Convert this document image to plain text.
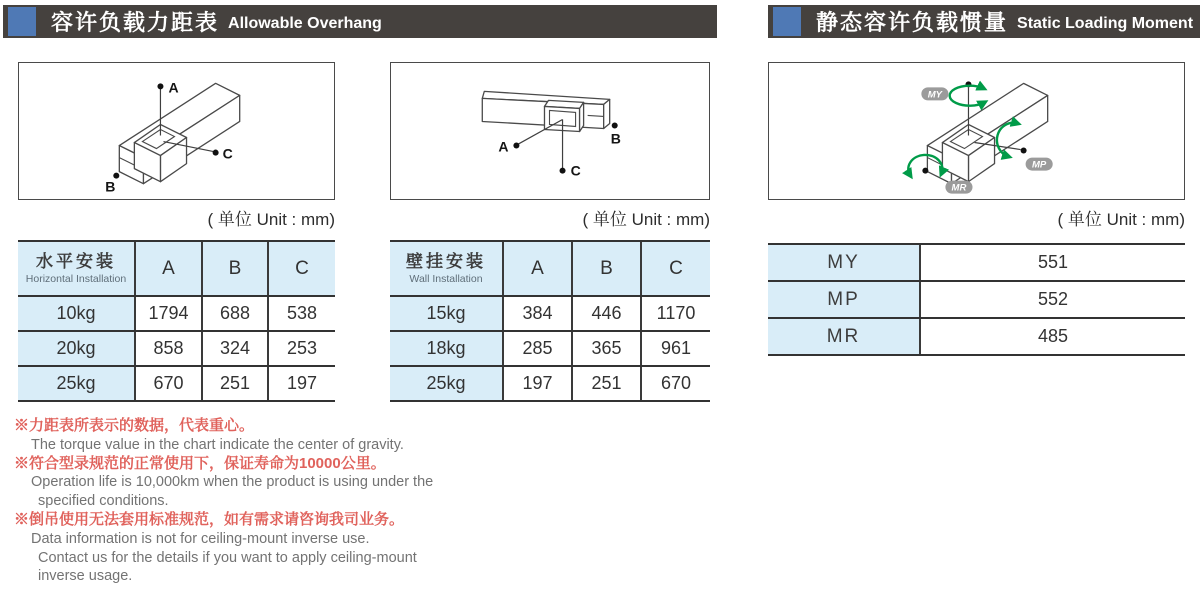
容许负载力距表 Allowable Overhang
A
C
B
( 单位 Unit : mm)
水平安装
Horizontal Installation	A	B	C
10kg	1794	688	538
20kg	858	324	253
25kg	670	251	197
A
C
B
( 单位 Unit : mm)
壁挂安装
Wall Installation	A	B	C
15kg	384	446	1170
18kg	285	365	961
25kg	197	251	670
※力距表所表示的数据，代表重心。
The torque value in the chart indicate the center of gravity.
※符合型录规范的正常使用下，保证寿命为10000公里。
Operation life is 10,000km when the product is using under the
specified conditions.
※倒吊使用无法套用标准规范，如有需求请咨询我司业务。
Data information is not for ceiling-mount inverse use.
Contact us for the details if you want to apply ceiling-mount
inverse usage.
静态容许负载惯量 Static Loading Moment
MY
MP
MR
( 单位 Unit : mm)
MY	551
MP	552
MR	485
